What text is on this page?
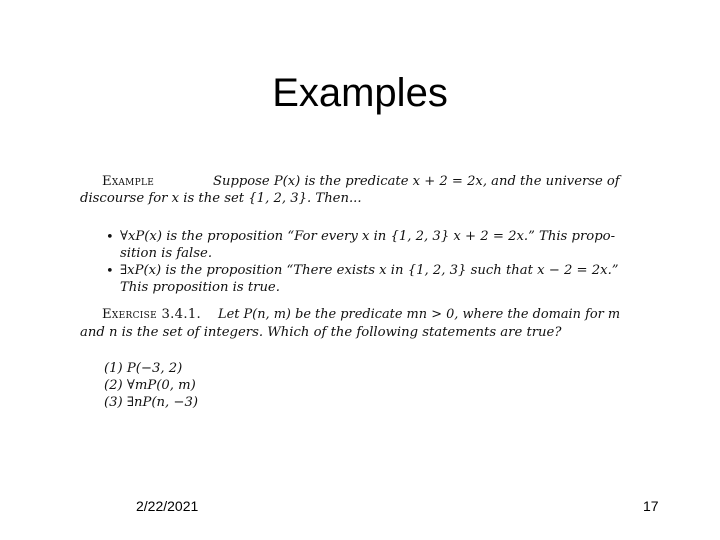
Examples
Example	Suppose P(x) is the predicate x + 2 = 2x, and the universe of
discourse for x is the set {1, 2, 3}. Then...
• ∀xP(x) is the proposition “For every x in {1, 2, 3} x + 2 = 2x.” This propo-
sition is false.
• ∃xP(x) is the proposition “There exists x in {1, 2, 3} such that x − 2 = 2x.”
This proposition is true.
Exercise 3.4.1. Let P(n, m) be the predicate mn > 0, where the domain for m
and n is the set of integers. Which of the following statements are true?
(1) P(−3, 2)
(2) ∀mP(0, m)
(3) ∃nP(n, −3)
2/22/2021	17
